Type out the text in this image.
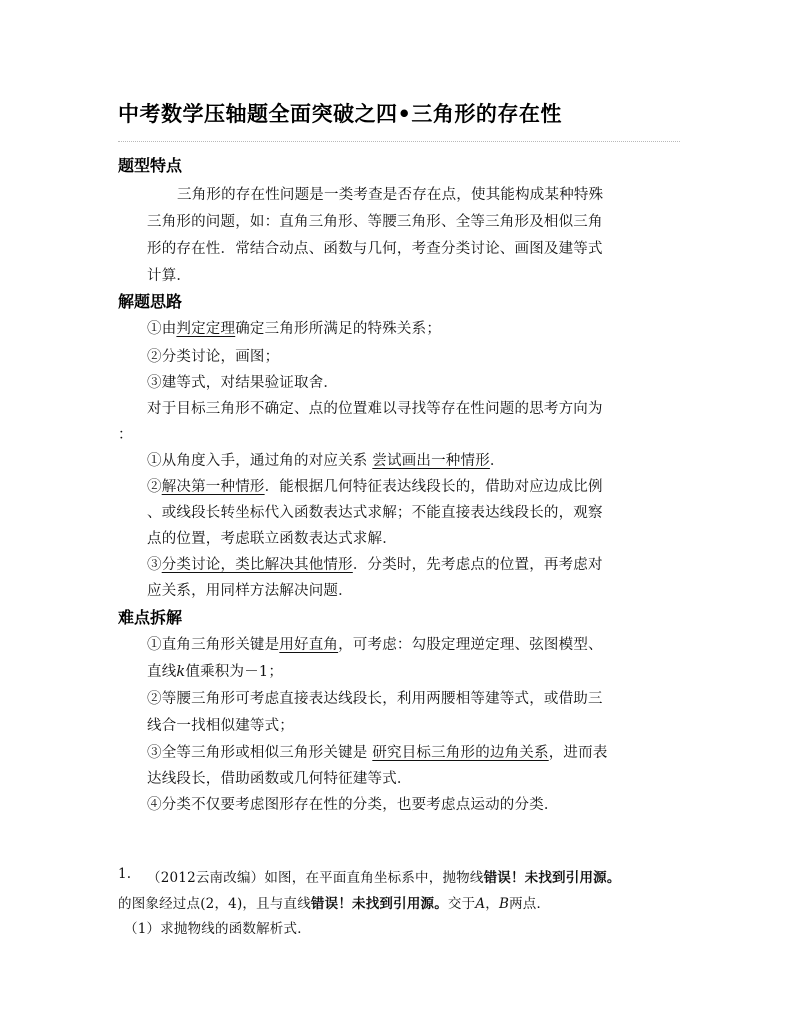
中考数学压轴题全面突破之四•三角形的存在性
题型特点
三角形的存在性问题是一类考查是否存在点，使其能构成某种特殊
三角形的问题，如：直角三角形、等腰三角形、全等三角形及相似三角
形的存在性．常结合动点、函数与几何，考查分类讨论、画图及建等式
计算．
解题思路
①由判定定理确定三角形所满足的特殊关系；
②分类讨论，画图；
③建等式，对结果验证取舍．
对于目标三角形不确定、点的位置难以寻找等存在性问题的思考方向为
：
①从角度入手，通过角的对应关系 尝试画出一种情形．
②解决第一种情形．能根据几何特征表达线段长的，借助对应边成比例
、或线段长转坐标代入函数表达式求解；不能直接表达线段长的，观察
点的位置，考虑联立函数表达式求解．
③分类讨论，类比解决其他情形．分类时，先考虑点的位置，再考虑对
应关系，用同样方法解决问题．
难点拆解
①直角三角形关键是用好直角，可考虑：勾股定理逆定理、弦图模型、
直线k值乘积为－1；
②等腰三角形可考虑直接表达线段长，利用两腰相等建等式，或借助三
线合一找相似建等式；
③全等三角形或相似三角形关键是 研究目标三角形的边角关系，进而表
达线段长，借助函数或几何特征建等式．
④分类不仅要考虑图形存在性的分类，也要考虑点运动的分类．
1. （2012云南改编）如图，在平面直角坐标系中，抛物线错误！未找到引用源。
的图象经过点(2，4)，且与直线错误！未找到引用源。交于A，B两点．
（1）求抛物线的函数解析式．
